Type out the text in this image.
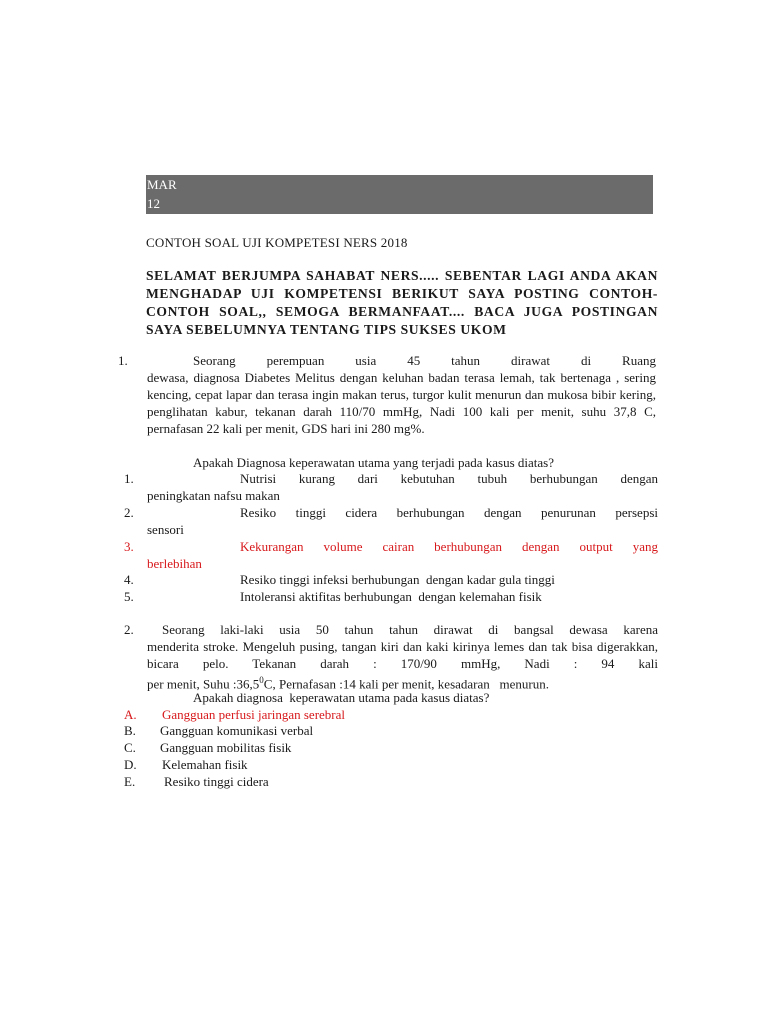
MAR
12
CONTOH SOAL UJI KOMPETESI NERS 2018
SELAMAT BERJUMPA SAHABAT NERS..... SEBENTAR LAGI ANDA AKAN MENGHADAP UJI KOMPETENSI BERIKUT SAYA POSTING CONTOH-CONTOH SOAL,, SEMOGA BERMANFAAT.... BACA JUGA POSTINGAN SAYA SEBELUMNYA TENTANG TIPS SUKSES UKOM
1.	Seorang perempuan usia 45 tahun dirawat di Ruang
dewasa, diagnosa Diabetes Melitus dengan keluhan badan terasa lemah, tak bertenaga , sering kencing, cepat lapar dan terasa ingin makan terus, turgor kulit menurun dan mukosa bibir kering, penglihatan kabur, tekanan darah 110/70 mmHg, Nadi 100 kali per menit, suhu 37,8 C, pernafasan 22 kali per menit, GDS hari ini 280 mg%.
Apakah Diagnosa keperawatan utama yang terjadi pada kasus diatas?
1.	Nutrisi kurang dari kebutuhan tubuh berhubungan dengan
peningkatan nafsu makan
2.	Resiko tinggi cidera berhubungan dengan penurunan persepsi
sensori
3.	Kekurangan volume cairan berhubungan dengan output yang
berlebihan
4.	Resiko tinggi infeksi berhubungan  dengan kadar gula tinggi
5.	Intoleransi aktifitas berhubungan  dengan kelemahan fisik
2. Seorang laki-laki usia 50 tahun tahun dirawat di bangsal dewasa karena
menderita stroke. Mengeluh pusing, tangan kiri dan kaki kirinya lemes dan tak bisa digerakkan, bicara pelo. Tekanan darah : 170/90 mmHg, Nadi : 94 kali
per menit, Suhu :36,5$^0$C, Pernafasan :14 kali per menit, kesadaran   menurun.
Apakah diagnosa  keperawatan utama pada kasus diatas?
A. Gangguan perfusi jaringan serebral
B. Gangguan komunikasi verbal
C. Gangguan mobilitas fisik
D. Kelemahan fisik
E. Resiko tinggi cidera
